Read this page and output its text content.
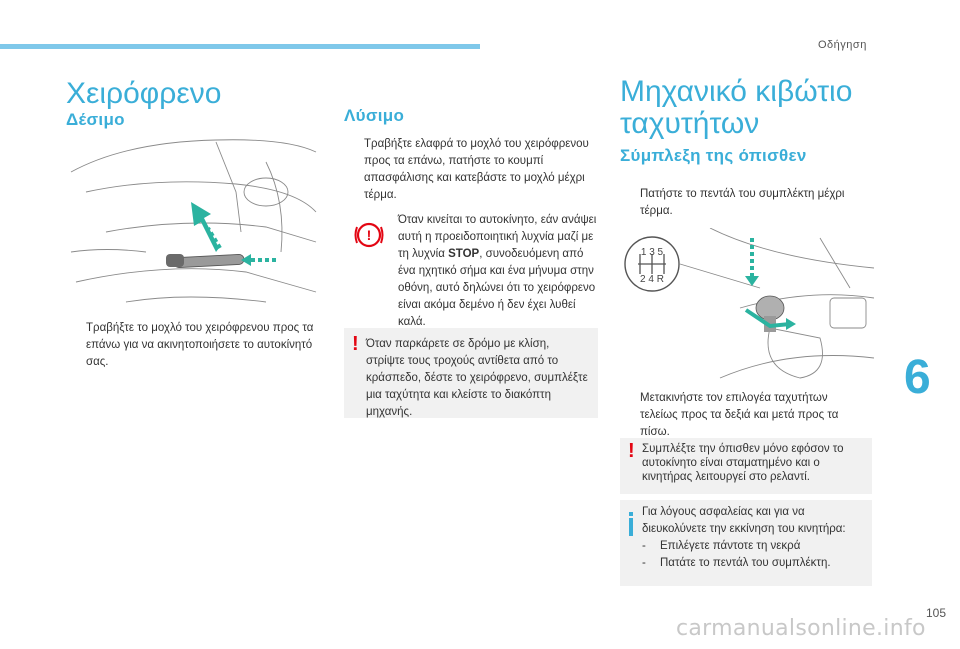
Οδήγηση
Χειρόφρενο
Δέσιμο
Τραβήξτε το μοχλό του χειρόφρενου προς τα επάνω για να ακινητοποιήσετε το αυτοκίνητό σας.
Λύσιμο
Τραβήξτε ελαφρά το μοχλό του χειρόφρενου προς τα επάνω, πατήστε το κουμπί απασφάλισης και κατεβάστε το μοχλό μέχρι τέρμα.
!
Όταν κινείται το αυτοκίνητο, εάν ανάψει αυτή η προειδοποιητική λυχνία μαζί με τη λυχνία STOP, συνοδευόμενη από ένα ηχητικό σήμα και ένα μήνυμα στην οθόνη, αυτό δηλώνει ότι το χειρόφρενο είναι ακόμα δεμένο ή δεν έχει λυθεί καλά.
! Όταν παρκάρετε σε δρόμο με κλίση, στρίψτε τους τροχούς αντίθετα από το κράσπεδο, δέστε το χειρόφρενο, συμπλέξτε μια ταχύτητα και κλείστε το διακόπτη μηχανής.
Μηχανικό κιβώτιο
ταχυτήτων
Σύμπλεξη της όπισθεν
Πατήστε το πεντάλ του συμπλέκτη μέχρι τέρμα.
1 3 5
2 4 R
Μετακινήστε τον επιλογέα ταχυτήτων τελείως προς τα δεξιά και μετά προς τα πίσω.
! Συμπλέξτε την όπισθεν μόνο εφόσον το αυτοκίνητο είναι σταματημένο και ο κινητήρας λειτουργεί στο ρελαντί.
Για λόγους ασφαλείας και για να διευκολύνετε την εκκίνηση του κινητήρα:
- Επιλέγετε πάντοτε τη νεκρά
- Πατάτε το πεντάλ του συμπλέκτη.
6
105
carmanualsonline.info
